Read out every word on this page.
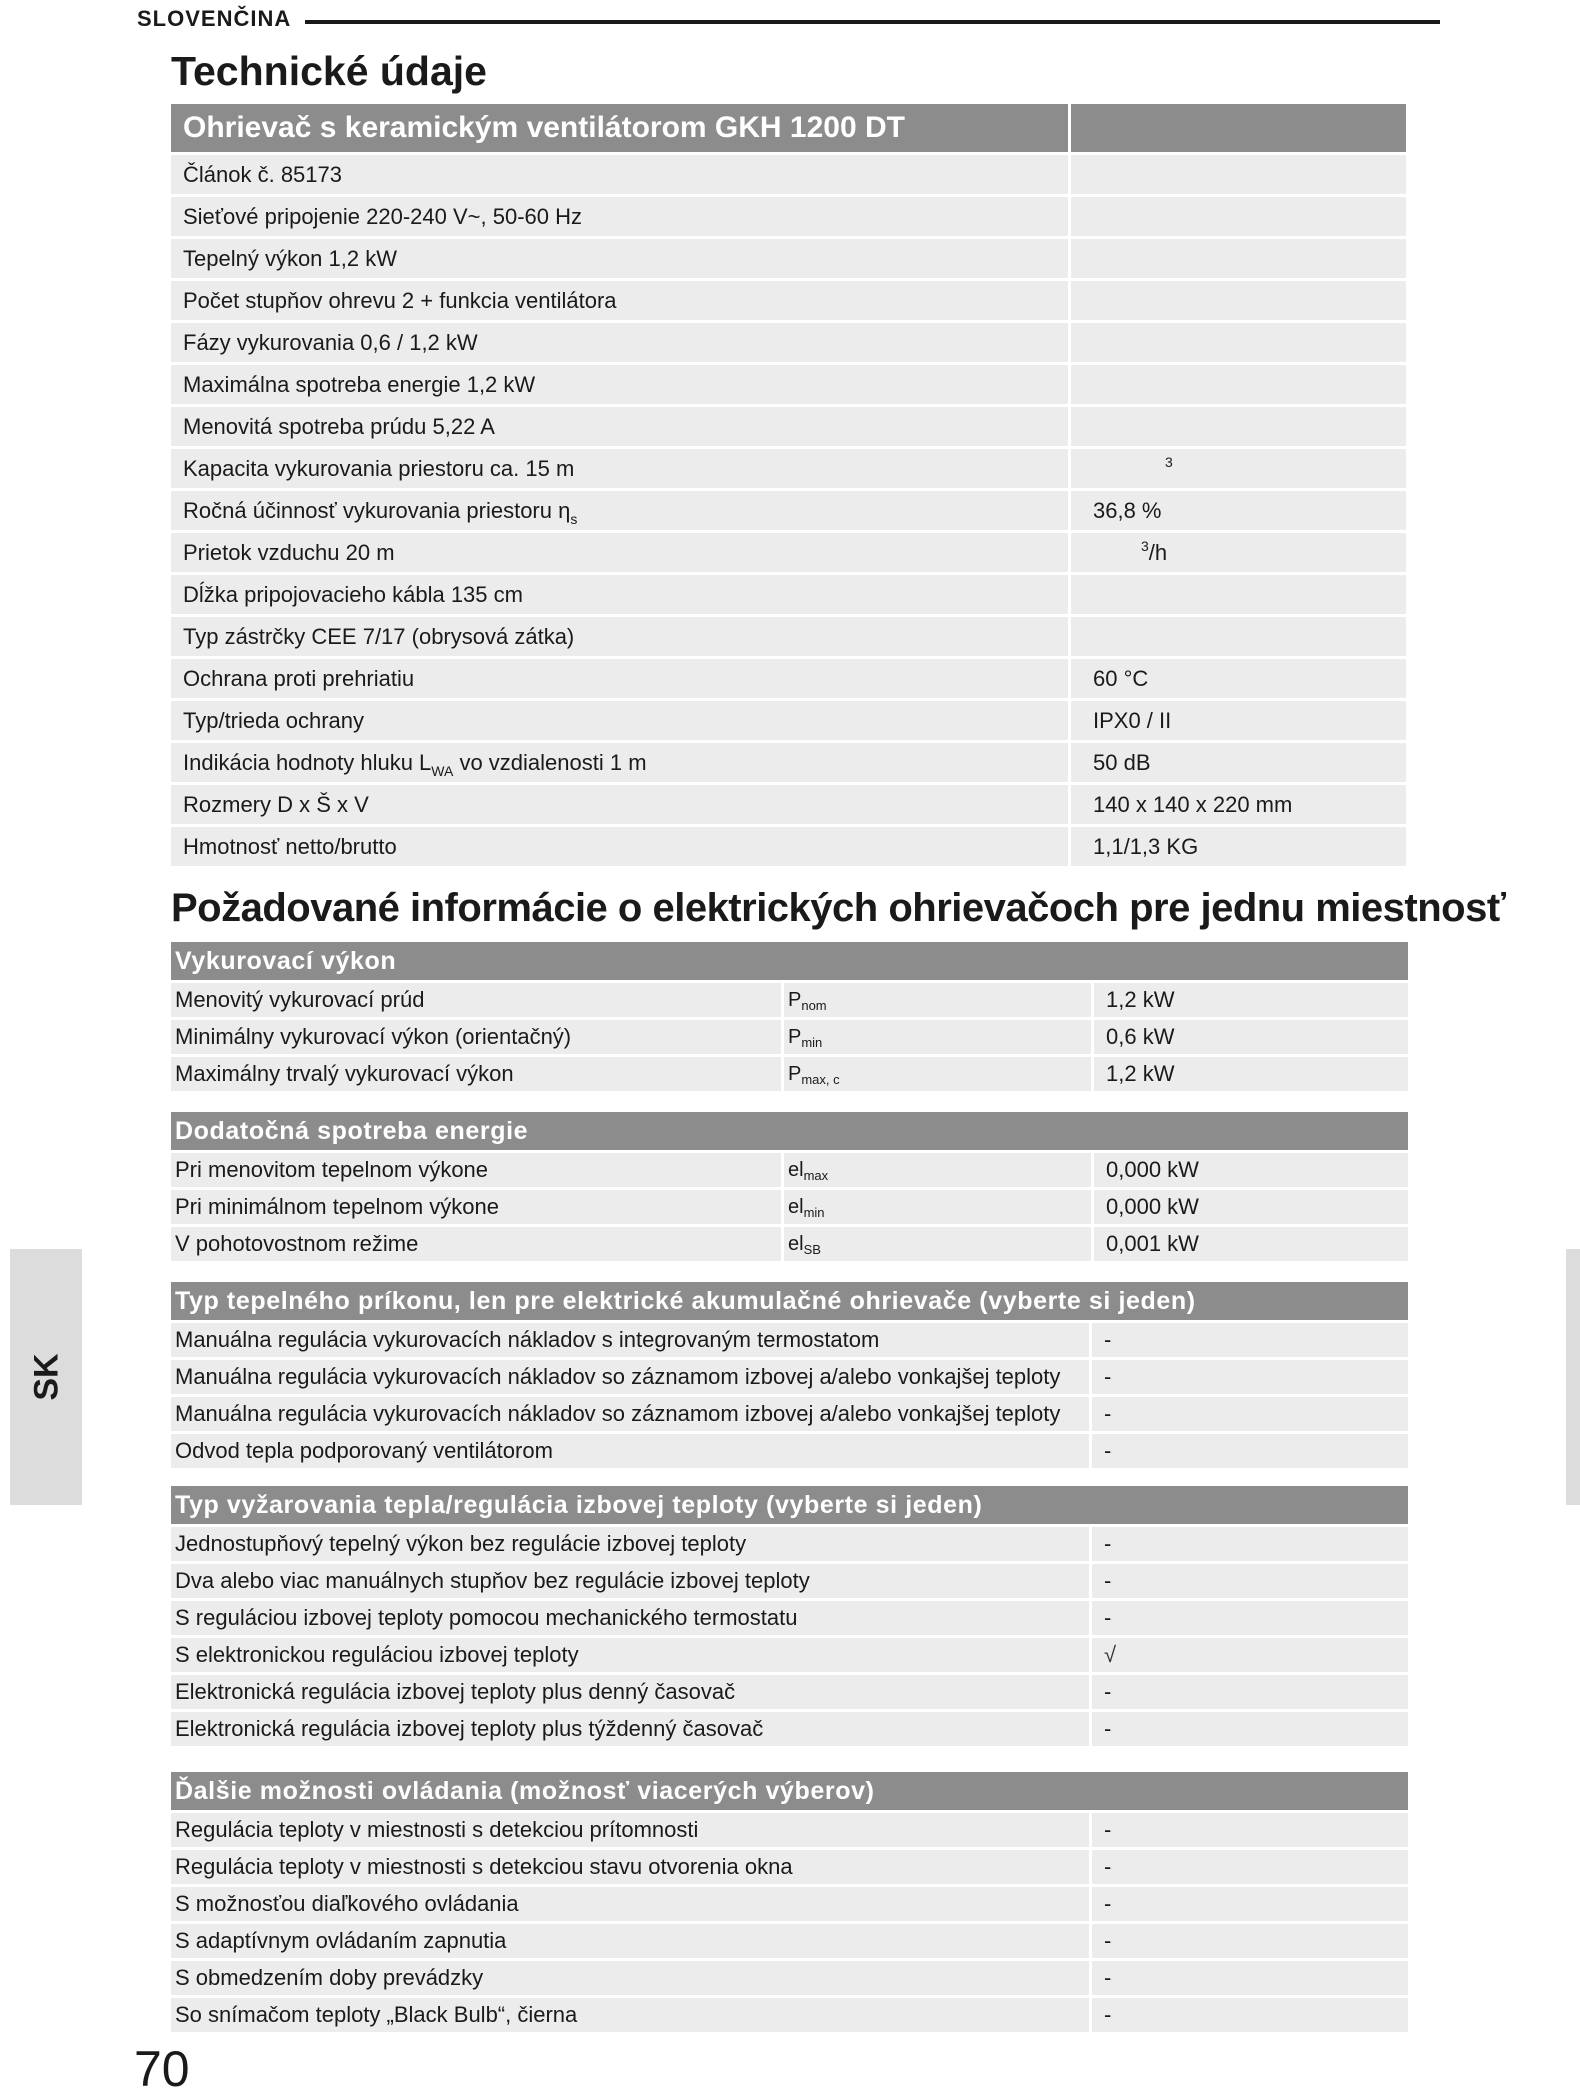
SLOVENČINA
Technické údaje
Ohrievač s keramickým ventilátorom GKH 1200 DT
Článok č. 85173
Sieťové pripojenie 220-240 V~, 50-60 Hz
Tepelný výkon 1,2 kW
Počet stupňov ohrevu 2 + funkcia ventilátora
Fázy vykurovania 0,6 / 1,2 kW
Maximálna spotreba energie 1,2 kW
Menovitá spotreba prúdu 5,22 A
Kapacita vykurovania priestoru ca. 15 m	$^3$
Ročná účinnosť vykurovania priestoru $\eta_s$	36,8 %
Prietok vzduchu 20 m	$^3$/h
Dĺžka pripojovacieho kábla 135 cm
Typ zástrčky CEE 7/17 (obrysová zátka)
Ochrana proti prehriatiu	60 °C
Typ/trieda ochrany	IPX0 / II
Indikácia hodnoty hluku $L_{WA}$ vo vzdialenosti 1 m	50 dB
Rozmery D x Š x V	140 x 140 x 220 mm
Hmotnosť netto/brutto	1,1/1,3 KG
Požadované informácie o elektrických ohrievačoch pre jednu miestnosť
Vykurovací výkon
Menovitý vykurovací prúd	$P_{nom}$	1,2 kW
Minimálny vykurovací výkon (orientačný)	$P_{min}$	0,6 kW
Maximálny trvalý vykurovací výkon	$P_{max, c}$	1,2 kW
Dodatočná spotreba energie
Pri menovitom tepelnom výkone	$el_{max}$	0,000 kW
Pri minimálnom tepelnom výkone	$el_{min}$	0,000 kW
V pohotovostnom režime	$el_{SB}$	0,001 kW
Typ tepelného príkonu, len pre elektrické akumulačné ohrievače (vyberte si jeden)
Manuálna regulácia vykurovacích nákladov s integrovaným termostatom	-
Manuálna regulácia vykurovacích nákladov so záznamom izbovej a/alebo vonkajšej teploty	-
Manuálna regulácia vykurovacích nákladov so záznamom izbovej a/alebo vonkajšej teploty	-
Odvod tepla podporovaný ventilátorom	-
Typ vyžarovania tepla/regulácia izbovej teploty (vyberte si jeden)
Jednostupňový tepelný výkon bez regulácie izbovej teploty	-
Dva alebo viac manuálnych stupňov bez regulácie izbovej teploty	-
S reguláciou izbovej teploty pomocou mechanického termostatu	-
S elektronickou reguláciou izbovej teploty	√
Elektronická regulácia izbovej teploty plus denný časovač	-
Elektronická regulácia izbovej teploty plus týždenný časovač	-
Ďalšie možnosti ovládania (možnosť viacerých výberov)
Regulácia teploty v miestnosti s detekciou prítomnosti	-
Regulácia teploty v miestnosti s detekciou stavu otvorenia okna	-
S možnosťou diaľkového ovládania	-
S adaptívnym ovládaním zapnutia	-
S obmedzením doby prevádzky	-
So snímačom teploty „Black Bulb“, čierna	-
SK
70
